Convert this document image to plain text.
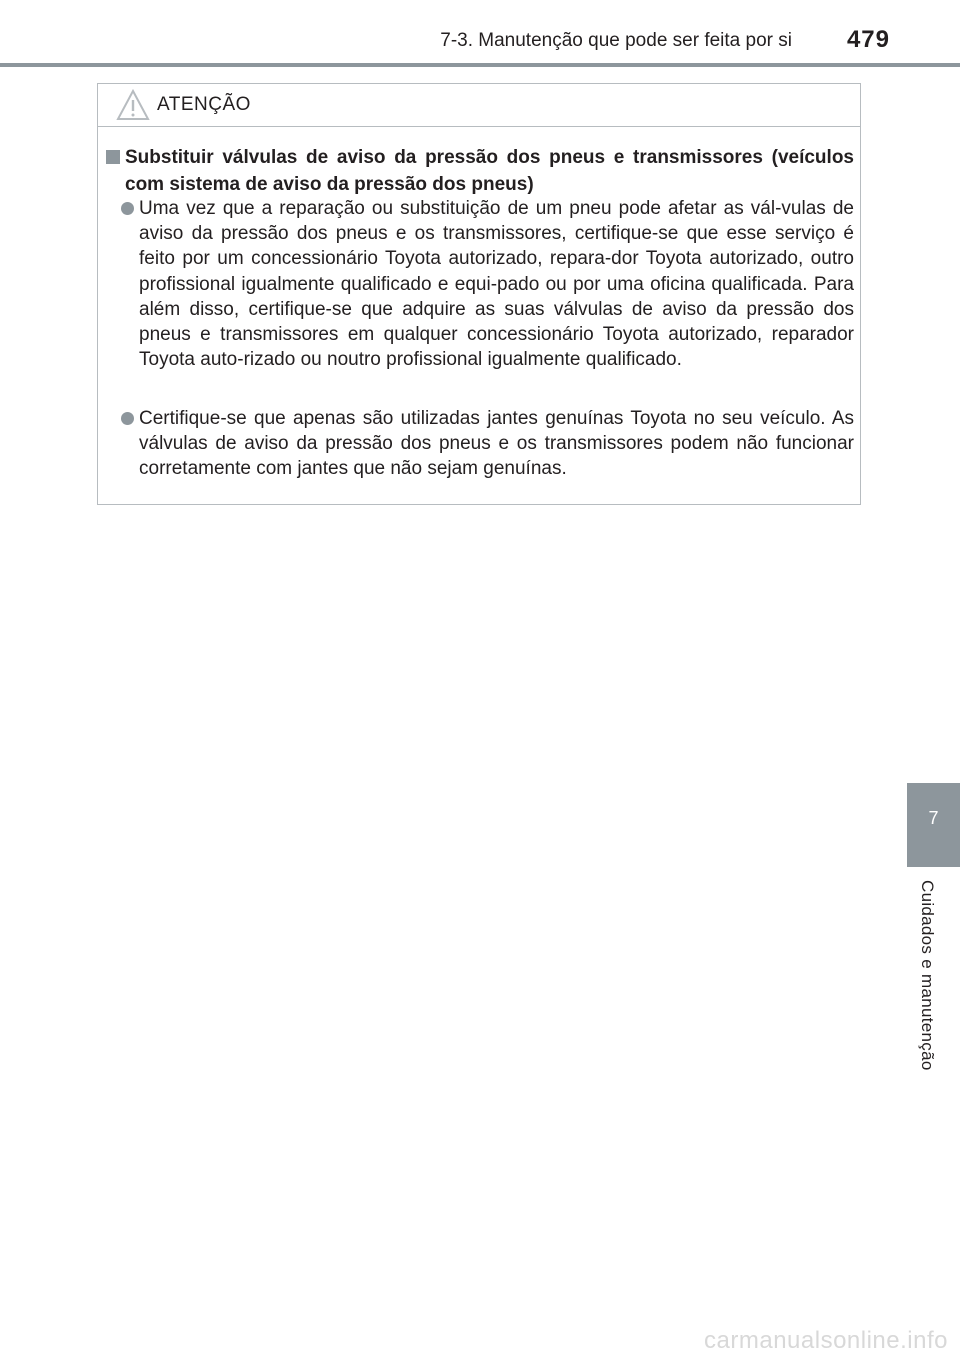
7-3. Manutenção que pode ser feita por si 479
ATENÇÃO
Substituir válvulas de aviso da pressão dos pneus e transmissores (veículos com sistema de aviso da pressão dos pneus)
Uma vez que a reparação ou substituição de um pneu pode afetar as vál-vulas de aviso da pressão dos pneus e os transmissores, certifique-se que esse serviço é feito por um concessionário Toyota autorizado, repara-dor Toyota autorizado, outro profissional igualmente qualificado e equi-pado ou por uma oficina qualificada. Para além disso, certifique-se que adquire as suas válvulas de aviso da pressão dos pneus e transmissores em qualquer concessionário Toyota autorizado, reparador Toyota auto-rizado ou noutro profissional igualmente qualificado.
Certifique-se que apenas são utilizadas jantes genuínas Toyota no seu veículo. As válvulas de aviso da pressão dos pneus e os transmissores podem não funcionar corretamente com jantes que não sejam genuínas.
7
Cuidados e manutenção
carmanualsonline.info
